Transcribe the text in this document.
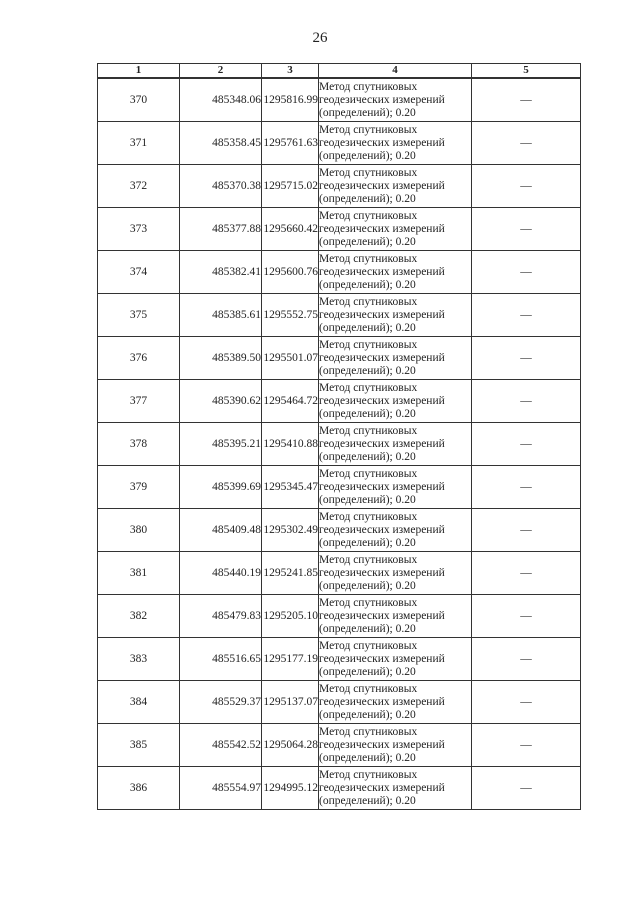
26
1	2	3	4	5
370	485348.06	1295816.99	Метод спутниковых
геодезических измерений
(определений); 0.20	—
371	485358.45	1295761.63	Метод спутниковых
геодезических измерений
(определений); 0.20	—
372	485370.38	1295715.02	Метод спутниковых
геодезических измерений
(определений); 0.20	—
373	485377.88	1295660.42	Метод спутниковых
геодезических измерений
(определений); 0.20	—
374	485382.41	1295600.76	Метод спутниковых
геодезических измерений
(определений); 0.20	—
375	485385.61	1295552.75	Метод спутниковых
геодезических измерений
(определений); 0.20	—
376	485389.50	1295501.07	Метод спутниковых
геодезических измерений
(определений); 0.20	—
377	485390.62	1295464.72	Метод спутниковых
геодезических измерений
(определений); 0.20	—
378	485395.21	1295410.88	Метод спутниковых
геодезических измерений
(определений); 0.20	—
379	485399.69	1295345.47	Метод спутниковых
геодезических измерений
(определений); 0.20	—
380	485409.48	1295302.49	Метод спутниковых
геодезических измерений
(определений); 0.20	—
381	485440.19	1295241.85	Метод спутниковых
геодезических измерений
(определений); 0.20	—
382	485479.83	1295205.10	Метод спутниковых
геодезических измерений
(определений); 0.20	—
383	485516.65	1295177.19	Метод спутниковых
геодезических измерений
(определений); 0.20	—
384	485529.37	1295137.07	Метод спутниковых
геодезических измерений
(определений); 0.20	—
385	485542.52	1295064.28	Метод спутниковых
геодезических измерений
(определений); 0.20	—
386	485554.97	1294995.12	Метод спутниковых
геодезических измерений
(определений); 0.20	—
